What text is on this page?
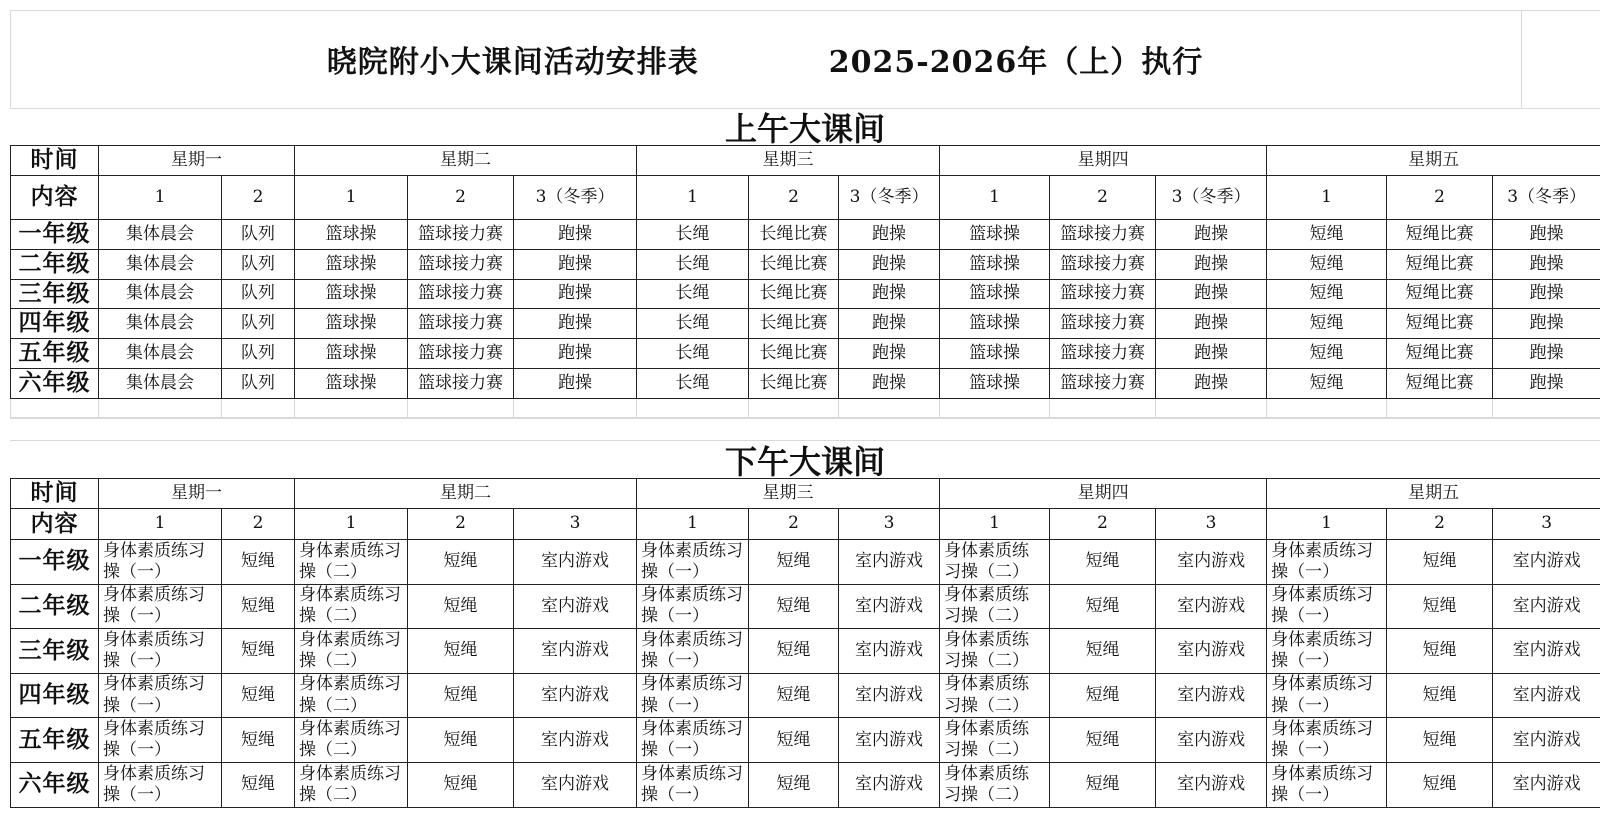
晓院附小大课间活动安排表	2025-2026年（上）执行
上午大课间
时间	星期一		星期二			星期三			星期四			星期五		
内容	1	2	1	2	3（冬季）	1	2	3（冬季）	1	2	3（冬季）	1	2	3（冬季）
一年级	集体晨会	队列	篮球操	篮球接力赛	跑操	长绳	长绳比赛	跑操	篮球操	篮球接力赛	跑操	短绳	短绳比赛	跑操
二年级	集体晨会	队列	篮球操	篮球接力赛	跑操	长绳	长绳比赛	跑操	篮球操	篮球接力赛	跑操	短绳	短绳比赛	跑操
三年级	集体晨会	队列	篮球操	篮球接力赛	跑操	长绳	长绳比赛	跑操	篮球操	篮球接力赛	跑操	短绳	短绳比赛	跑操
四年级	集体晨会	队列	篮球操	篮球接力赛	跑操	长绳	长绳比赛	跑操	篮球操	篮球接力赛	跑操	短绳	短绳比赛	跑操
五年级	集体晨会	队列	篮球操	篮球接力赛	跑操	长绳	长绳比赛	跑操	篮球操	篮球接力赛	跑操	短绳	短绳比赛	跑操
六年级	集体晨会	队列	篮球操	篮球接力赛	跑操	长绳	长绳比赛	跑操	篮球操	篮球接力赛	跑操	短绳	短绳比赛	跑操

下午大课间
时间	星期一		星期二			星期三			星期四			星期五		
内容	1	2	1	2	3	1	2	3	1	2	3	1	2	3
一年级	身体素质练习操（一）	短绳	身体素质练习操（二）	短绳	室内游戏	身体素质练习操（一）	短绳	室内游戏	身体素质练习操（二）	短绳	室内游戏	身体素质练习操（一）	短绳	室内游戏
二年级	身体素质练习操（一）	短绳	身体素质练习操（二）	短绳	室内游戏	身体素质练习操（一）	短绳	室内游戏	身体素质练习操（二）	短绳	室内游戏	身体素质练习操（一）	短绳	室内游戏
三年级	身体素质练习操（一）	短绳	身体素质练习操（二）	短绳	室内游戏	身体素质练习操（一）	短绳	室内游戏	身体素质练习操（二）	短绳	室内游戏	身体素质练习操（一）	短绳	室内游戏
四年级	身体素质练习操（一）	短绳	身体素质练习操（二）	短绳	室内游戏	身体素质练习操（一）	短绳	室内游戏	身体素质练习操（二）	短绳	室内游戏	身体素质练习操（一）	短绳	室内游戏
五年级	身体素质练习操（一）	短绳	身体素质练习操（二）	短绳	室内游戏	身体素质练习操（一）	短绳	室内游戏	身体素质练习操（二）	短绳	室内游戏	身体素质练习操（一）	短绳	室内游戏
六年级	身体素质练习操（一）	短绳	身体素质练习操（二）	短绳	室内游戏	身体素质练习操（一）	短绳	室内游戏	身体素质练习操（二）	短绳	室内游戏	身体素质练习操（一）	短绳	室内游戏
